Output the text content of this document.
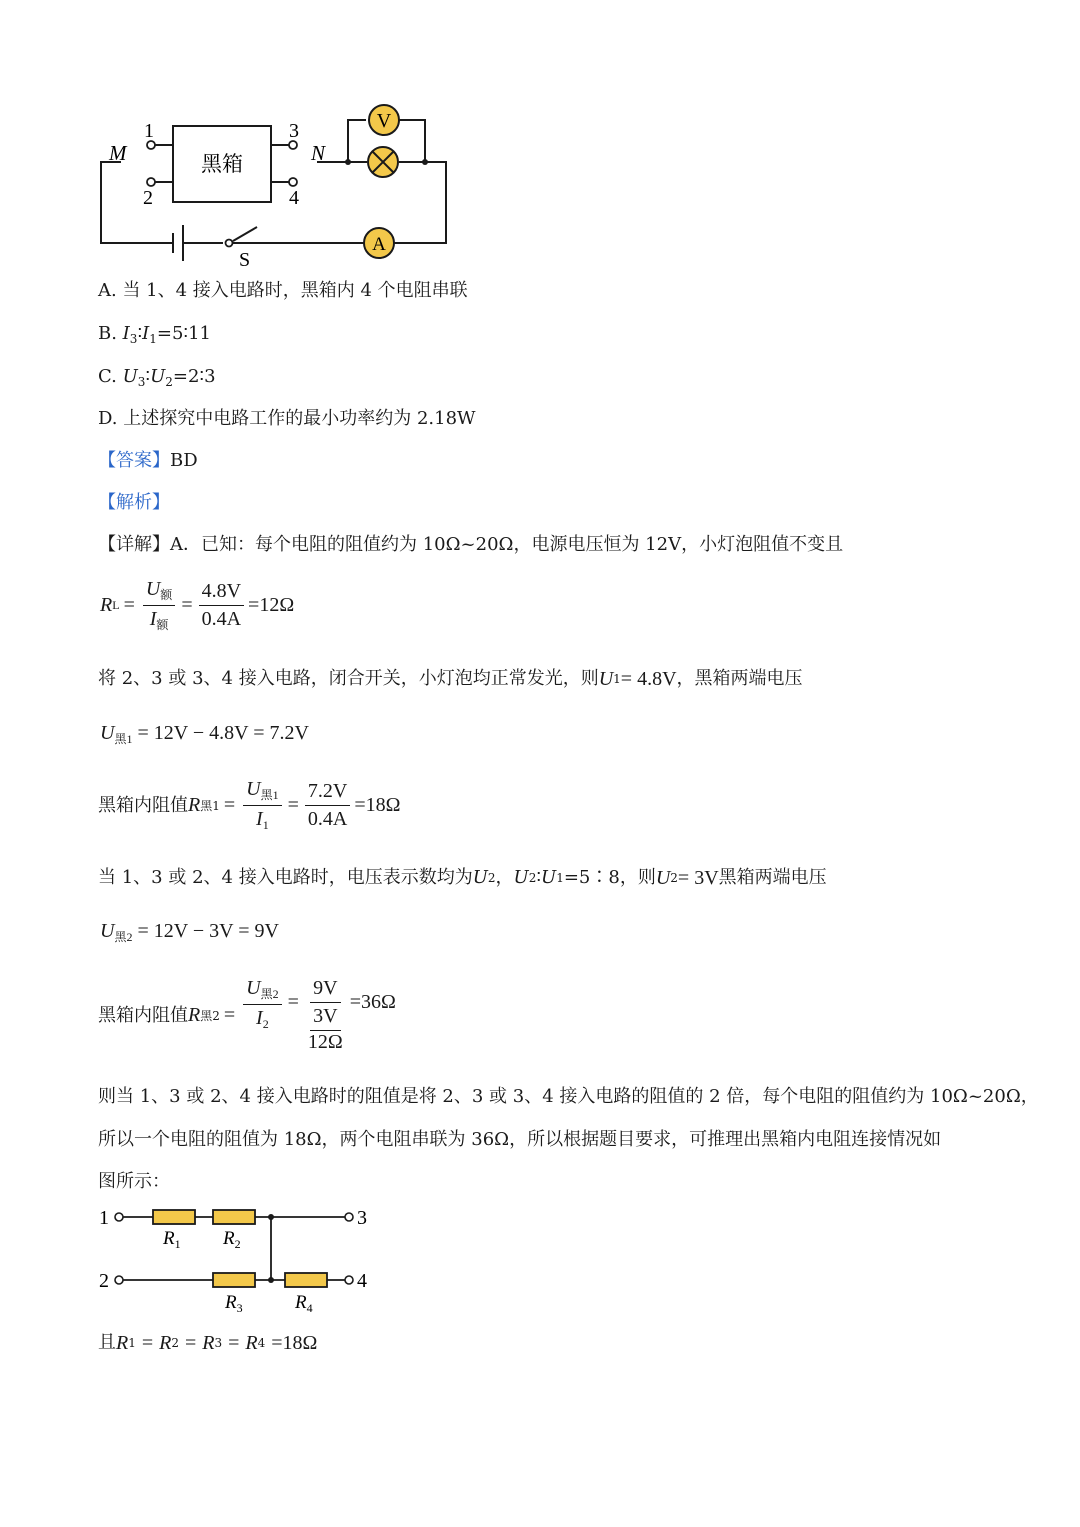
V
A
黑箱
M	N
S
1
2
3
4
A. 当 1、4 接入电路时，黑箱内 4 个电阻串联
B. $I_3∶I_1=5∶11$
C. $U_3∶U_2=2∶3$
D. 上述探究中电路工作的最小功率约为 2.18W
【答案】BD
【解析】
【详解】A．已知：每个电阻的阻值约为 10Ω~20Ω，电源电压恒为 12V，小灯泡阻值不变且
R $L = \frac{U_额}{I_额} = \frac{4.8V}{0.4A} =12\Omega$
将 2、3 或 3、4 接入电路，闭合开关，小灯泡均正常发光，则 U 1 = 4.8V ，黑箱两端电压
$U_{黑1} = 12V - 4.8V = 7.2V$
黑箱内阻值 R 黑$1 = \frac{U_{黑1}}{I_1} = \frac{7.2V}{0.4A} =18\Omega$
当 1、3 或 2、4 接入电路时，电压表示数均为 U 2 ， U 2 ∶ U 1 =5∶8，则 U 2 = 3V 黑箱两端电压
$U_{黑2} = 12V - 3V = 9V$
黑箱内阻值 R 黑$2 = \frac{U_{黑2}}{I_2} = 9V$
3V
12Ω =36Ω
则当 1、3 或 2、4 接入电路时的阻值是将 2、3 或 3、4 接入电路的阻值的 2 倍，每个电阻的阻值约为 10Ω~20Ω，
所以一个电阻的阻值为 18Ω，两个电阻串联为 36Ω，所以根据题目要求，可推理出黑箱内电阻连接情况如
图所示：
1
2
3
4
$R_1$ $R_2$
$R_3$	$R_4$
且 R 1 = R 2 = R 3 = R 4 =18Ω
